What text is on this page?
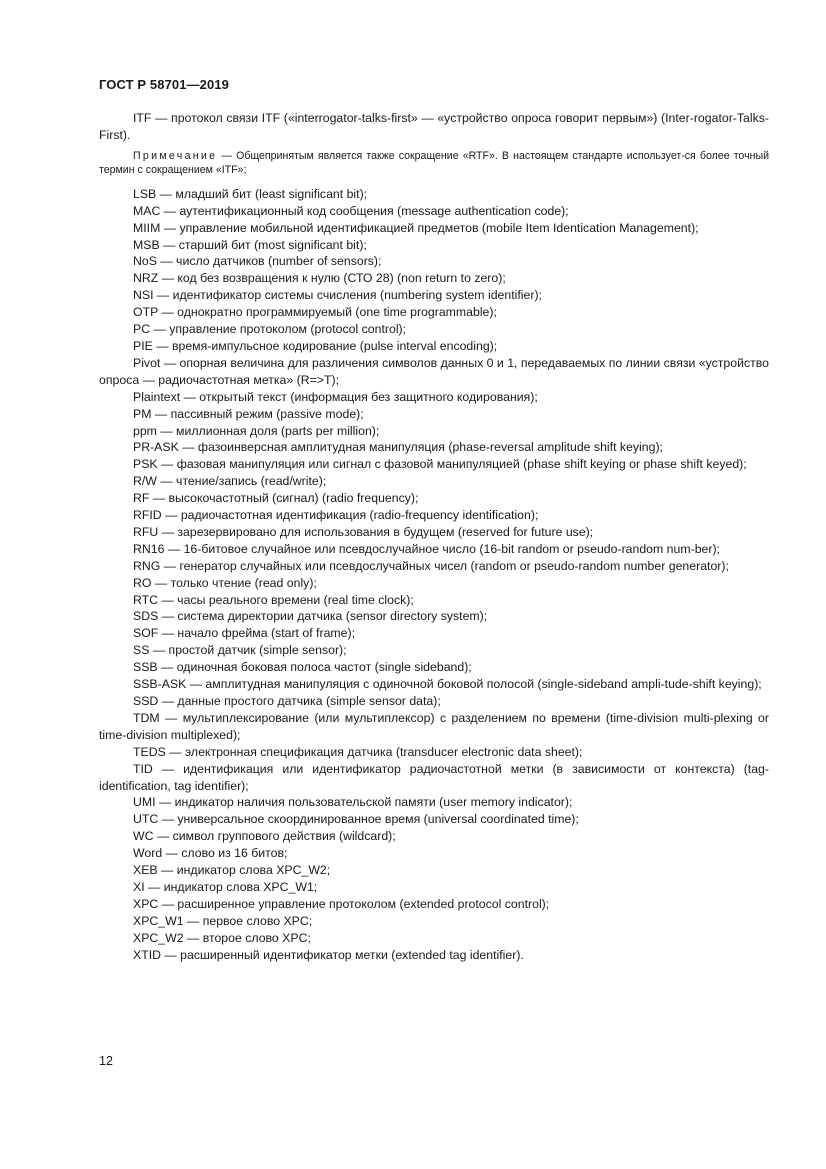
ГОСТ Р 58701—2019

ITF — протокол связи ITF («interrogator-talks-first» — «устройство опроса говорит первым») (Inter-rogator-Talks-First).

Примечание — Общепринятым является также сокращение «RTF». В настоящем стандарте использует-ся более точный термин с сокращением «ITF»;

LSB — младший бит (least significant bit);

MAC — аутентификационный код сообщения (message authentication code);

MIIM — управление мобильной идентификацией предметов (mobile Item Identication Management);

MSB — старший бит (most significant bit);

NoS — число датчиков (number of sensors);

NRZ — код без возвращения к нулю (СТО 28) (non return to zero);

NSI — идентификатор системы счисления (numbering system identifier);

OTP — однократно программируемый (one time programmable);

PC — управление протоколом (protocol control);

PIE — время-импульсное кодирование (pulse interval encoding);

Pivot — опорная величина для различения символов данных 0 и 1, передаваемых по линии связи «устройство опроса — радиочастотная метка» (R=>T);

Plaintext — открытый текст (информация без защитного кодирования);

PM — пассивный режим (passive mode);

ppm — миллионная доля (parts per million);

PR-ASK — фазоинверсная амплитудная манипуляция (phase-reversal amplitude shift keying);

PSK — фазовая манипуляция или сигнал с фазовой манипуляцией (phase shift keying or phase shift keyed);

R/W — чтение/запись (read/write);

RF — высокочастотный (сигнал) (radio frequency);

RFID — радиочастотная идентификация (radio-frequency identification);

RFU — зарезервировано для использования в будущем (reserved for future use);

RN16 — 16-битовое случайное или псевдослучайное число (16-bit random or pseudo-random num-ber);

RNG — генератор случайных или псевдослучайных чисел (random or pseudo-random number generator);

RO — только чтение (read only);

RTC — часы реального времени (real time clock);

SDS — система директории датчика (sensor directory system);

SOF — начало фрейма (start of frame);

SS — простой датчик (simple sensor);

SSB — одиночная боковая полоса частот (single sideband);

SSB-ASK — амплитудная манипуляция с одиночной боковой полосой (single-sideband ampli-tude-shift keying);

SSD — данные простого датчика (simple sensor data);

TDM — мультиплексирование (или мультиплексор) с разделением по времени (time-division multi-plexing or time-division multiplexed);

TEDS — электронная спецификация датчика (transducer electronic data sheet);

TID — идентификация или идентификатор радиочастотной метки (в зависимости от контекста) (tag-identification, tag identifier);

UMI — индикатор наличия пользовательской памяти (user memory indicator);

UTC — универсальное скоординированное время (universal coordinated time);

WC — символ группового действия (wildcard);

Word — слово из 16 битов;

XEB — индикатор слова XPC_W2;

XI — индикатор слова XPC_W1;

XPC — расширенное управление протоколом (extended protocol control);

XPC_W1 — первое слово XPC;

XPC_W2 — второе слово XPC;

XTID — расширенный идентификатор метки (extended tag identifier).

12
